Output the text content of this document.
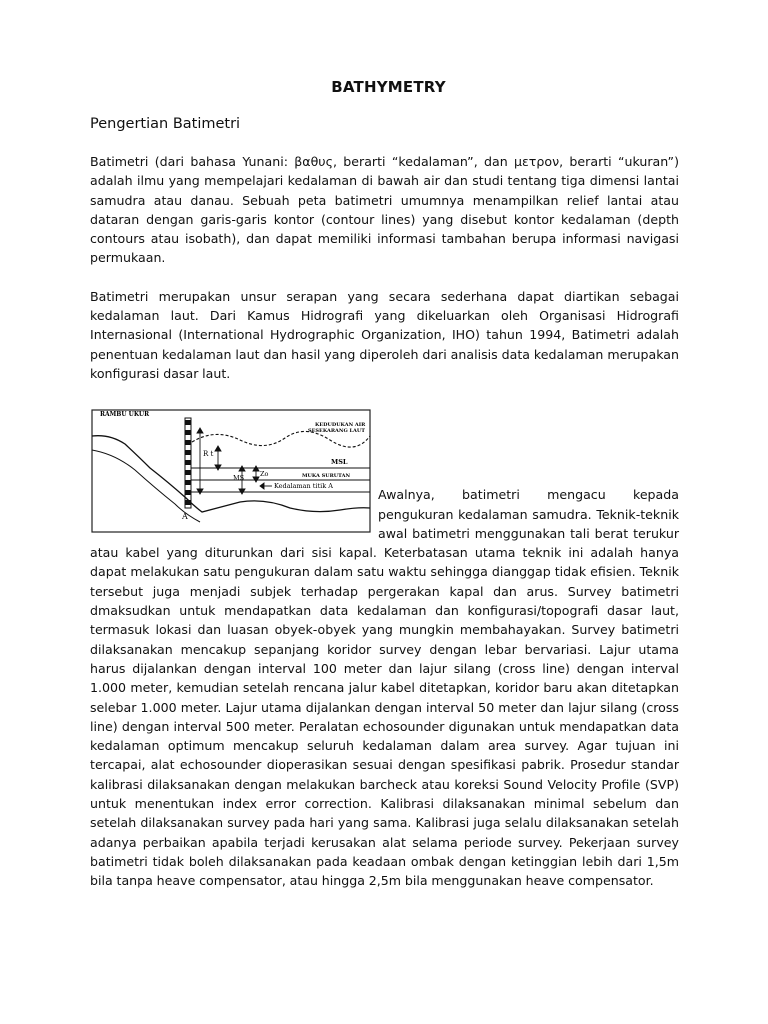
BATHYMETRY
Pengertian Batimetri

Batimetri (dari bahasa Yunani: βαθυς, berarti “kedalaman”, dan μετρον, berarti “ukuran”) adalah ilmu yang mempelajari kedalaman di bawah air dan studi tentang tiga dimensi lantai samudra atau danau. Sebuah peta batimetri umumnya menampilkan relief lantai atau dataran dengan garis-garis kontor (contour lines) yang disebut kontor kedalaman (depth contours atau isobath), dan dapat memiliki informasi tambahan berupa informasi navigasi permukaan.

Batimetri merupakan unsur serapan yang secara sederhana dapat diartikan sebagai kedalaman laut. Dari Kamus Hidrografi yang dikeluarkan oleh Organisasi Hidrografi Internasional (International Hydrographic Organization, IHO) tahun 1994, Batimetri adalah penentuan kedalaman laut dan hasil yang diperoleh dari analisis data kedalaman merupakan konfigurasi dasar laut.

RAMBU UKUR
KEDUDUKAN AIR
SESEKARANG LAUT
R t
MSL
MS Zo	MUKA SURUTAN
Kedalaman titik A
A

Awalnya, batimetri mengacu kepada pengukuran kedalaman samudra. Teknik-teknik awal batimetri menggunakan tali berat terukur atau kabel yang diturunkan dari sisi kapal. Keterbatasan utama teknik ini adalah hanya dapat melakukan satu pengukuran dalam satu waktu sehingga dianggap tidak efisien. Teknik tersebut juga menjadi subjek terhadap pergerakan kapal dan arus. Survey batimetri dmaksudkan untuk mendapatkan data kedalaman dan konfigurasi/topografi dasar laut, termasuk lokasi dan luasan obyek-obyek yang mungkin membahayakan. Survey batimetri dilaksanakan mencakup sepanjang koridor survey dengan lebar bervariasi. Lajur utama harus dijalankan dengan interval 100 meter dan lajur silang (cross line) dengan interval 1.000 meter, kemudian setelah rencana jalur kabel ditetapkan, koridor baru akan ditetapkan selebar 1.000 meter. Lajur utama dijalankan dengan interval 50 meter dan lajur silang (cross line) dengan interval 500 meter. Peralatan echosounder digunakan untuk mendapatkan data kedalaman optimum mencakup seluruh kedalaman dalam area survey. Agar tujuan ini tercapai, alat echosounder dioperasikan sesuai dengan spesifikasi pabrik. Prosedur standar kalibrasi dilaksanakan dengan melakukan barcheck atau koreksi Sound Velocity Profile (SVP) untuk menentukan index error correction. Kalibrasi dilaksanakan minimal sebelum dan setelah dilaksanakan survey pada hari yang sama. Kalibrasi juga selalu dilaksanakan setelah adanya perbaikan apabila terjadi kerusakan alat selama periode survey. Pekerjaan survey batimetri tidak boleh dilaksanakan pada keadaan ombak dengan ketinggian lebih dari 1,5m bila tanpa heave compensator, atau hingga 2,5m bila menggunakan heave compensator.
